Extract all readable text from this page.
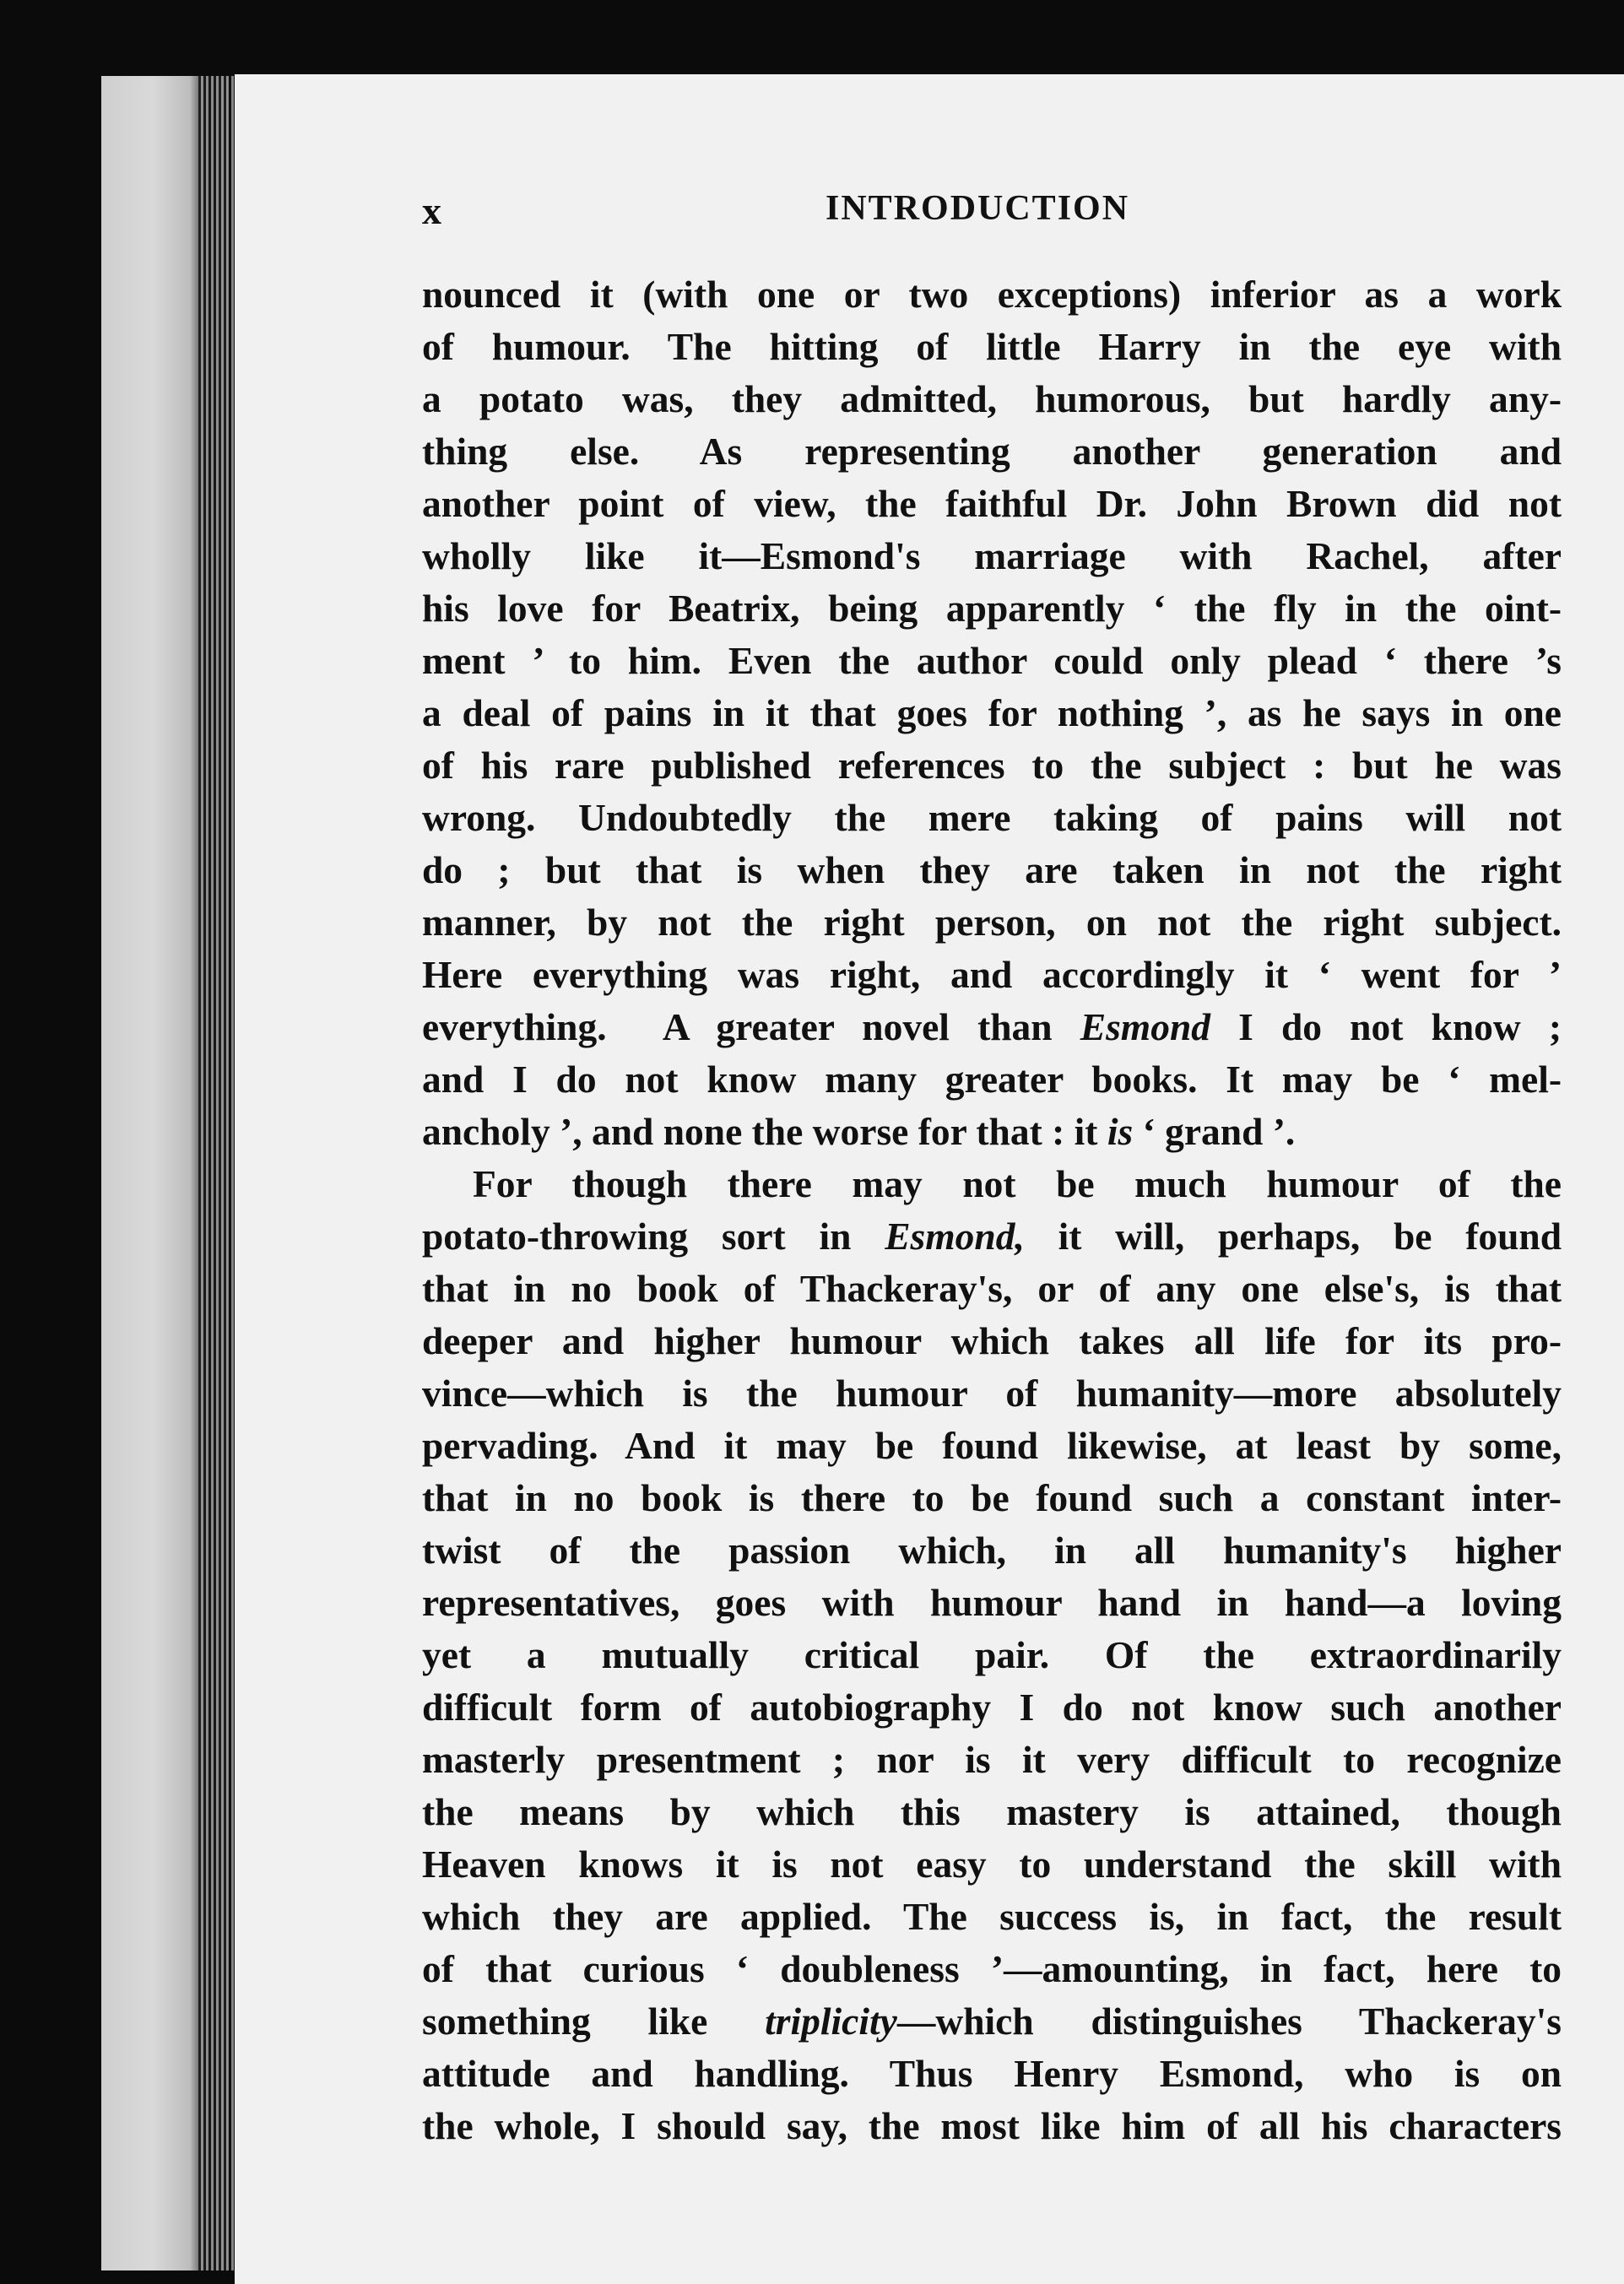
x	INTRODUCTION
nounced it (with one or two exceptions) inferior as a work
of humour. The hitting of little Harry in the eye with
a potato was, they admitted, humorous, but hardly any-
thing else. As representing another generation and
another point of view, the faithful Dr. John Brown did not
wholly like it—Esmond's marriage with Rachel, after
his love for Beatrix, being apparently ‘ the fly in the oint-
ment ’ to him. Even the author could only plead ‘ there ’s
a deal of pains in it that goes for nothing ’, as he says in one
of his rare published references to the subject : but he was
wrong. Undoubtedly the mere taking of pains will not
do ; but that is when they are taken in not the right
manner, by not the right person, on not the right subject.
Here everything was right, and accordingly it ‘ went for ’
everything. A greater novel than Esmond I do not know ;
and I do not know many greater books. It may be ‘ mel-
ancholy ’, and none the worse for that : it is ‘ grand ’.
For though there may not be much humour of the
potato-throwing sort in Esmond, it will, perhaps, be found
that in no book of Thackeray's, or of any one else's, is that
deeper and higher humour which takes all life for its pro-
vince—which is the humour of humanity—more absolutely
pervading. And it may be found likewise, at least by some,
that in no book is there to be found such a constant inter-
twist of the passion which, in all humanity's higher
representatives, goes with humour hand in hand—a loving
yet a mutually critical pair. Of the extraordinarily
difficult form of autobiography I do not know such another
masterly presentment ; nor is it very difficult to recognize
the means by which this mastery is attained, though
Heaven knows it is not easy to understand the skill with
which they are applied. The success is, in fact, the result
of that curious ‘ doubleness ’—amounting, in fact, here to
something like triplicity—which distinguishes Thackeray's
attitude and handling. Thus Henry Esmond, who is on
the whole, I should say, the most like him of all his characters
